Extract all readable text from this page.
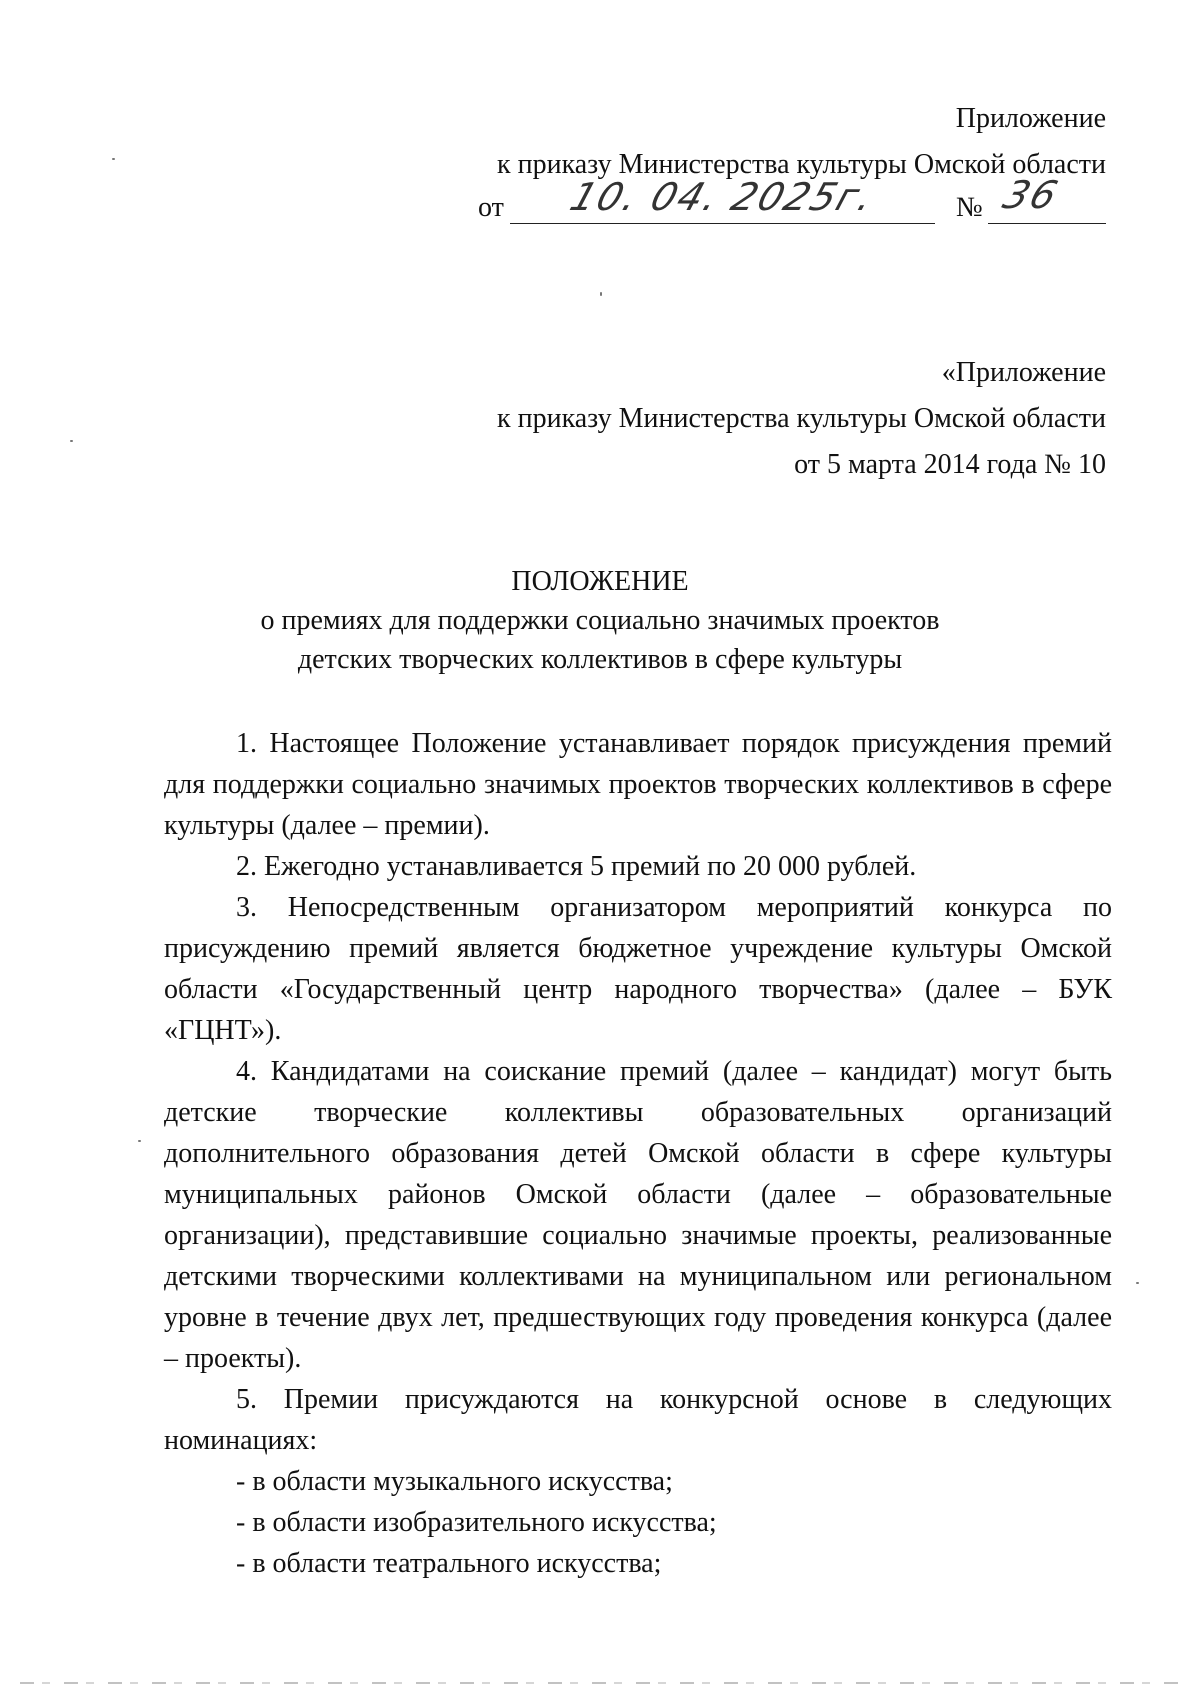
Приложение
к приказу Министерства культуры Омской области
от	№
10. 04. 2025г.	36
«Приложение
к приказу Министерства культуры Омской области
от 5 марта 2014 года № 10
ПОЛОЖЕНИЕ
о премиях для поддержки социально значимых проектов
детских творческих коллективов в сфере культуры

1. Настоящее Положение устанавливает порядок присуждения премий для поддержки социально значимых проектов творческих коллективов в сфере культуры (далее – премии).

2. Ежегодно устанавливается 5 премий по 20 000 рублей.

3. Непосредственным организатором мероприятий конкурса по присуждению премий является бюджетное учреждение культуры Омской области «Государственный центр народного творчества» (далее – БУК «ГЦНТ»).

4. Кандидатами на соискание премий (далее – кандидат) могут быть детские творческие коллективы образовательных организаций дополнительного образования детей Омской области в сфере культуры муниципальных районов Омской области (далее – образовательные организации), представившие социально значимые проекты, реализованные детскими творческими коллективами на муниципальном или региональном уровне в течение двух лет, предшествующих году проведения конкурса (далее – проекты).

5. Премии присуждаются на конкурсной основе в следующих номинациях:

- в области музыкального искусства;

- в области изобразительного искусства;

- в области театрального искусства;
